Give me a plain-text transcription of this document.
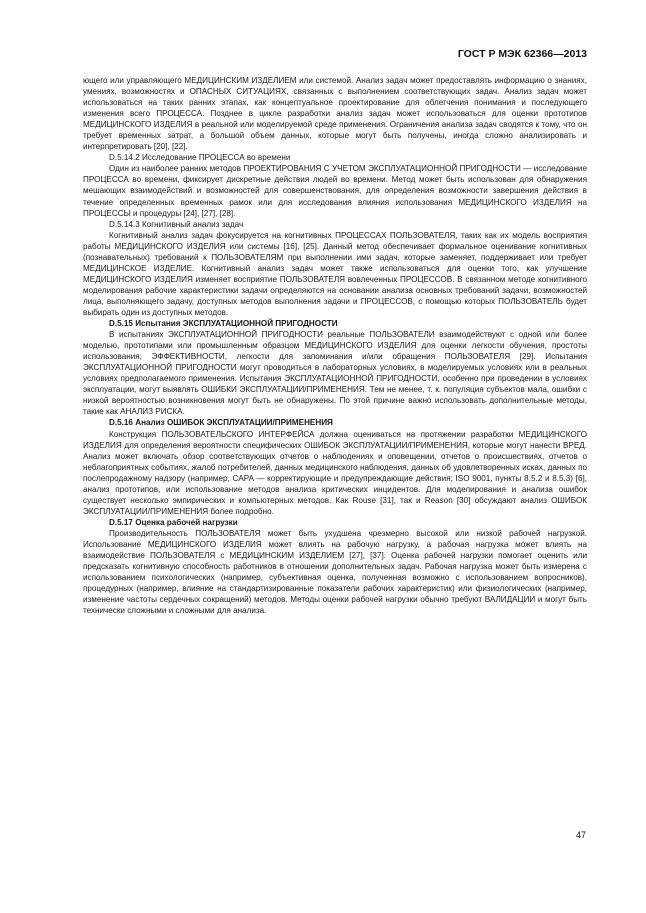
ГОСТ Р МЭК 62366—2013

ющего или управляющего МЕДИЦИНСКИМ ИЗДЕЛИЕМ или системой. Анализ задач может предоставлять информацию о знаниях, умениях, возможностях и ОПАСНЫХ СИТУАЦИЯХ, связанных с выполнением соответствующих задач. Анализ задач может использоваться на таких ранних этапах, как концептуальное проектирование для облегчения понимания и последующего изменения всего ПРОЦЕССА. Позднее в цикле разработки анализ задач может использоваться для оценки прототипов МЕДИЦИНСКОГО ИЗДЕЛИЯ в реальной или моделируемой среде применения. Ограничения анализа задач сводятся к тому, что он требует временных затрат, а большой объем данных, которые могут быть получены, иногда сложно анализировать и интерпретировать [20], [22].

D.5.14.2 Исследование ПРОЦЕССА во времени

Один из наиболее ранних методов ПРОЕКТИРОВАНИЯ С УЧЕТОМ ЭКСПЛУАТАЦИОННОЙ ПРИГОДНОСТИ — исследование ПРОЦЕССА во времени, фиксирует дискретные действия людей во времени. Метод может быть использован для обнаружения мешающих взаимодействий и возможностей для совершенствования, для определения возможности завершения действия в течение определенных временных рамок или для исследования влияния использования МЕДИЦИНСКОГО ИЗДЕЛИЯ на ПРОЦЕССЫ и процедуры [24], [27], [28].

D.5.14.3 Когнитивный анализ задач

Когнитивный анализ задач фокусируется на когнитивных ПРОЦЕССАХ ПОЛЬЗОВАТЕЛЯ, таких как их модель восприятия работы МЕДИЦИНСКОГО ИЗДЕЛИЯ или системы [16], [25]. Данный метод обеспечивает формальное оценивание когнитивных (познавательных) требований к ПОЛЬЗОВАТЕЛЯМ при выполнении ими задач, которые заменяет, поддерживает или требует МЕДИЦИНСКОЕ ИЗДЕЛИЕ. Когнитивный анализ задач может также использоваться для оценки того, как улучшение МЕДИЦИНСКОГО ИЗДЕЛИЯ изменяет восприятие ПОЛЬЗОВАТЕЛЯ вовлеченных ПРОЦЕССОВ. В связанном методе когнитивного моделирования рабочие характеристики задачи определяются на основании анализа основных требований задачи, возможностей лица, выполняющего задачу, доступных методов выполнения задачи и ПРОЦЕССОВ, с помощью которых ПОЛЬЗОВАТЕЛЬ будет выбирать один из доступных методов.

D.5.15 Испытания ЭКСПЛУАТАЦИОННОЙ ПРИГОДНОСТИ

В испытаниях ЭКСПЛУАТАЦИОННОЙ ПРИГОДНОСТИ реальные ПОЛЬЗОВАТЕЛИ взаимодействуют с одной или более моделью, прототипами или промышленным образцом МЕДИЦИНСКОГО ИЗДЕЛИЯ для оценки легкости обучения, простоты использования, ЭФФЕКТИВНОСТИ, легкости для запоминания и/или обращения ПОЛЬЗОВАТЕЛЯ [29]. Испытания ЭКСПЛУАТАЦИОННОЙ ПРИГОДНОСТИ могут проводиться в лабораторных условиях, в моделируемых условиях или в реальных условиях предполагаемого применения. Испытания ЭКСПЛУАТАЦИОННОЙ ПРИГОДНОСТИ, особенно при проведении в условиях эксплуатации, могут выявлять ОШИБКИ ЭКСПЛУАТАЦИИ/ПРИМЕНЕНИЯ. Тем не менее, т. к. популяция субъектов мала, ошибки с низкой вероятностью возникновения могут быть не обнаружены. По этой причине важно использовать дополнительные методы, такие как АНАЛИЗ РИСКА.

D.5.16 Анализ ОШИБОК ЭКСПЛУАТАЦИИ/ПРИМЕНЕНИЯ

Конструкция ПОЛЬЗОВАТЕЛЬСКОГО ИНТЕРФЕЙСА должна оцениваться на протяжении разработки МЕДИЦИНСКОГО ИЗДЕЛИЯ для определения вероятности специфических ОШИБОК ЭКСПЛУАТАЦИИ/ПРИМЕНЕНИЯ, которые могут нанести ВРЕД. Анализ может включать обзор соответствующих отчетов о наблюдениях и оповещении, отчетов о происшествиях, отчетов о неблагоприятных событиях, жалоб потребителей, данных медицинского наблюдения, данных об удовлетворенных исках, данных по послепродажному надзору (например, CAPA — корректирующие и предупреждающие действия; ISO 9001, пункты 8.5.2 и 8.5.3) [6], анализ прототипов, или использование методов анализа критических инцидентов. Для моделирования и анализа ошибок существует несколько эмпирических и компьютерных методов. Как Rouse [31], так и Reason [30] обсуждают анализ ОШИБОК ЭКСПЛУАТАЦИИ/ПРИМЕНЕНИЯ более подробно.

D.5.17 Оценка рабочей нагрузки

Производительность ПОЛЬЗОВАТЕЛЯ может быть ухудшена чрезмерно высокой или низкой рабочей нагрузкой. Использование МЕДИЦИНСКОГО ИЗДЕЛИЯ может влиять на рабочую нагрузку, а рабочая нагрузка может влиять на взаимодействие ПОЛЬЗОВАТЕЛЯ с МЕДИЦИНСКИМ ИЗДЕЛИЕМ [27], [37]. Оценка рабочей нагрузки помогает оценить или предсказать когнитивную способность работников в отношении дополнительных задач. Рабочая нагрузка может быть измерена с использованием психологических (например, субъективная оценка, полученная возможно с использованием вопросников), процедурных (например, влияние на стандартизированные показатели рабочих характеристик) или физиологических (например, изменение частоты сердечных сокращений) методов. Методы оценки рабочей нагрузки обычно требуют ВАЛИДАЦИИ и могут быть технически сложными и сложными для анализа.

47
